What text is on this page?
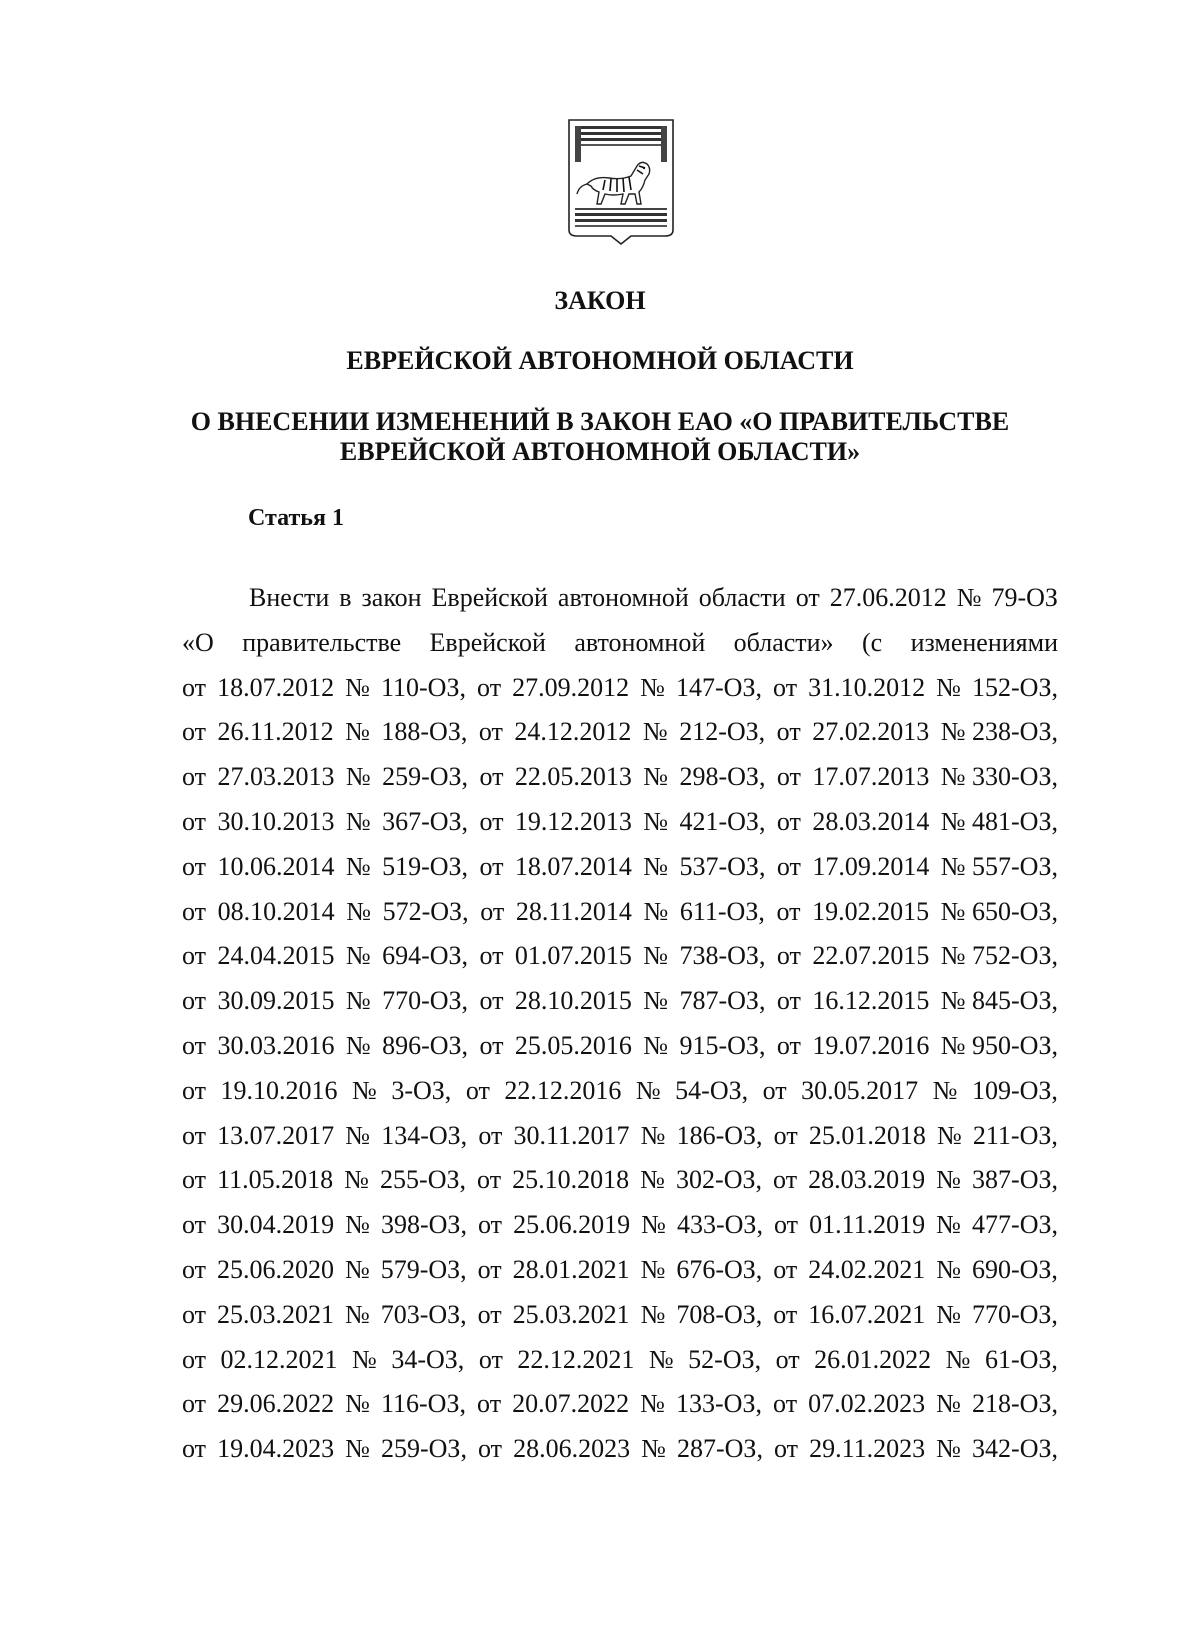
ЗАКОН
ЕВРЕЙСКОЙ АВТОНОМНОЙ ОБЛАСТИ
О ВНЕСЕНИИ ИЗМЕНЕНИЙ В ЗАКОН ЕАО «О ПРАВИТЕЛЬСТВЕ
ЕВРЕЙСКОЙ АВТОНОМНОЙ ОБЛАСТИ»
Статья 1
Внести в закон Еврейской автономной области от 27.06.2012 № 79-ОЗ
«О правительстве Еврейской автономной области» (с изменениями
от 18.07.2012 № 110-ОЗ, от 27.09.2012 № 147-ОЗ, от 31.10.2012 № 152-ОЗ,
от 26.11.2012 № 188-ОЗ, от 24.12.2012 № 212-ОЗ, от 27.02.2013 № 238-ОЗ,
от 27.03.2013 № 259-ОЗ, от 22.05.2013 № 298-ОЗ, от 17.07.2013 № 330-ОЗ,
от 30.10.2013 № 367-ОЗ, от 19.12.2013 № 421-ОЗ, от 28.03.2014 № 481-ОЗ,
от 10.06.2014 № 519-ОЗ, от 18.07.2014 № 537-ОЗ, от 17.09.2014 № 557-ОЗ,
от 08.10.2014 № 572-ОЗ, от 28.11.2014 № 611-ОЗ, от 19.02.2015 № 650-ОЗ,
от 24.04.2015 № 694-ОЗ, от 01.07.2015 № 738-ОЗ, от 22.07.2015 № 752-ОЗ,
от 30.09.2015 № 770-ОЗ, от 28.10.2015 № 787-ОЗ, от 16.12.2015 № 845-ОЗ,
от 30.03.2016 № 896-ОЗ, от 25.05.2016 № 915-ОЗ, от 19.07.2016 № 950-ОЗ,
от 19.10.2016 № 3-ОЗ, от 22.12.2016 № 54-ОЗ, от 30.05.2017 № 109-ОЗ,
от 13.07.2017 № 134-ОЗ, от 30.11.2017 № 186-ОЗ, от 25.01.2018 № 211-ОЗ,
от 11.05.2018 № 255-ОЗ, от 25.10.2018 № 302-ОЗ, от 28.03.2019 № 387-ОЗ,
от 30.04.2019 № 398-ОЗ, от 25.06.2019 № 433-ОЗ, от 01.11.2019 № 477-ОЗ,
от 25.06.2020 № 579-ОЗ, от 28.01.2021 № 676-ОЗ, от 24.02.2021 № 690-ОЗ,
от 25.03.2021 № 703-ОЗ, от 25.03.2021 № 708-ОЗ, от 16.07.2021 № 770-ОЗ,
от 02.12.2021 № 34-ОЗ, от 22.12.2021 № 52-ОЗ, от 26.01.2022 № 61-ОЗ,
от 29.06.2022 № 116-ОЗ, от 20.07.2022 № 133-ОЗ, от 07.02.2023 № 218-ОЗ,
от 19.04.2023 № 259-ОЗ, от 28.06.2023 № 287-ОЗ, от 29.11.2023 № 342-ОЗ,
